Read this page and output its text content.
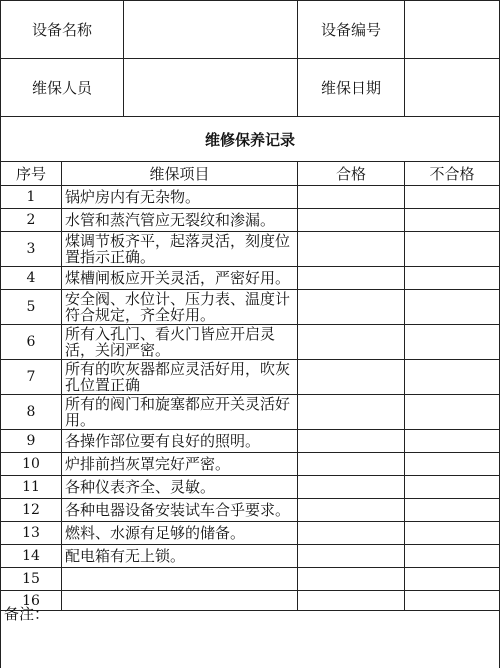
设备名称			设备编号	
维保人员			维保日期	
维修保养记录				
序号	维保项目		合格	不合格
1	锅炉房内有无杂物。			
2	水管和蒸汽管应无裂纹和渗漏。			
3	煤调节板齐平，起落灵活，刻度位置指示正确。			
4	煤槽闸板应开关灵活，严密好用。			
5	安全阀、水位计、压力表、温度计符合规定，齐全好用。			
6	所有入孔门、看火门皆应开启灵活，关闭严密。			
7	所有的吹灰器都应灵活好用，吹灰孔位置正确			
8	所有的阀门和旋塞都应开关灵活好用。			
9	各操作部位要有良好的照明。			
10	炉排前挡灰罩完好严密。			
11	各种仪表齐全、灵敏。			
12	各种电器设备安装试车合乎要求。			
13	燃料、水源有足够的储备。			
14	配电箱有无上锁。			
15				
16				
备注：
